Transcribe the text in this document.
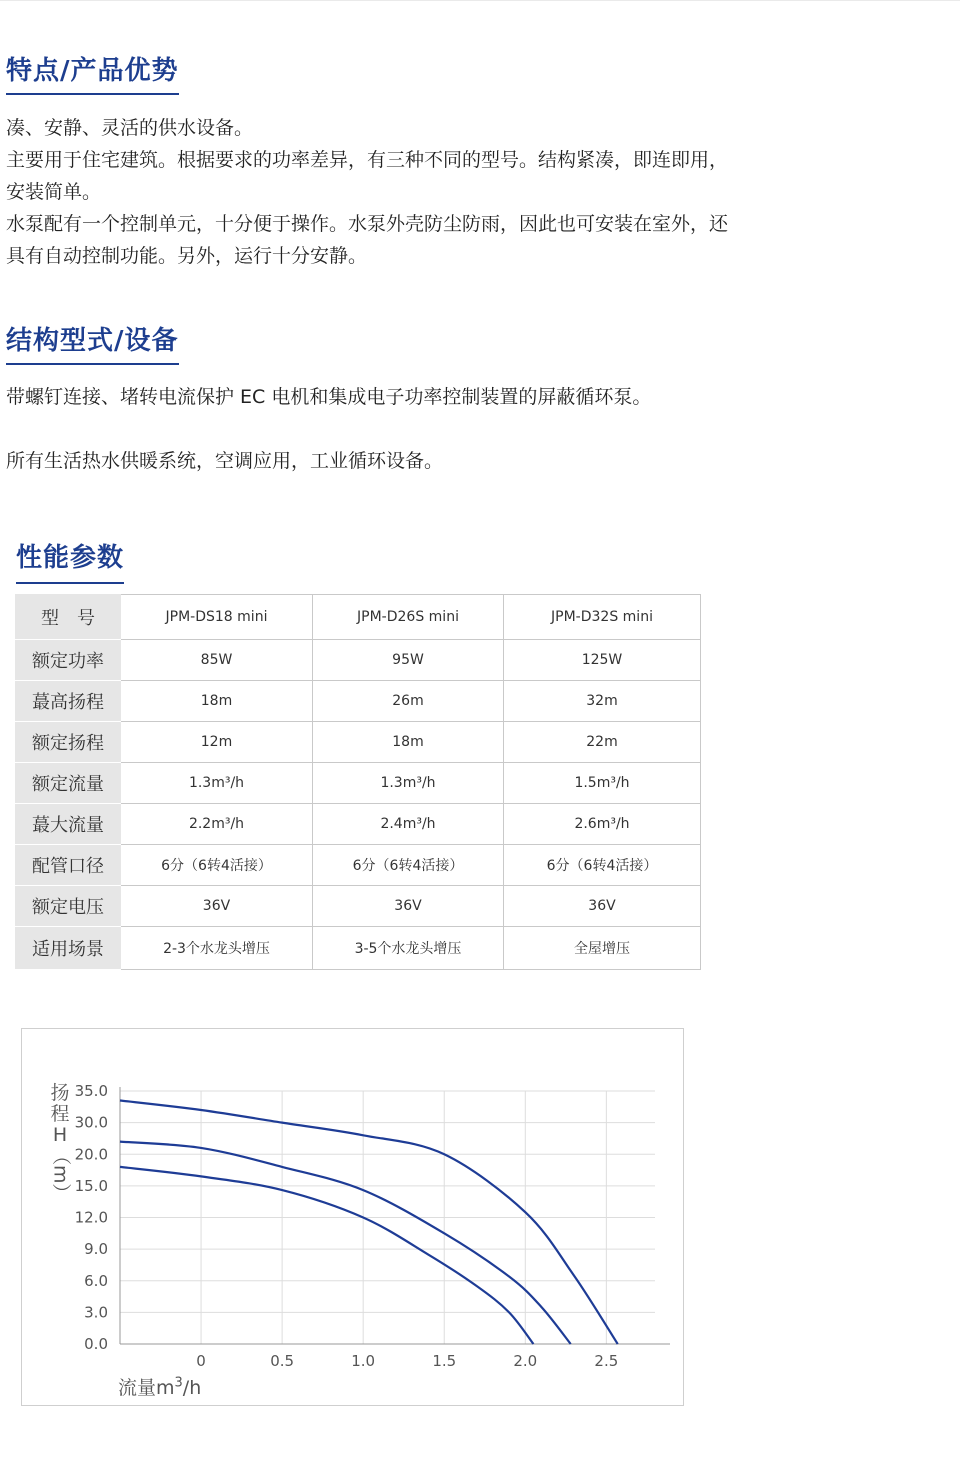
特点/产品优势

凑、安静、灵活的供水设备。

主要用于住宅建筑。根据要求的功率差异，有三种不同的型号。结构紧凑，即连即用，安装简单。

水泵配有一个控制单元，十分便于操作。水泵外壳防尘防雨，因此也可安装在室外，还具有自动控制功能。另外，运行十分安静。

结构型式/设备
带螺钉连接、堵转电流保护 EC 电机和集成电子功率控制装置的屏蔽循环泵。
所有生活热水供暖系统，空调应用，工业循环设备。
性能参数
型　号	JPM-DS18 mini	JPM-D26S mini	JPM-D32S mini
额定功率	85W	95W	125W
蕞高扬程	18m	26m	32m
额定扬程	12m	18m	22m
额定流量	1.3m³/h	1.3m³/h	1.5m³/h
蕞大流量	2.2m³/h	2.4m³/h	2.6m³/h
配管口径	6分（6转4活接）	6分（6转4活接）	6分（6转4活接）
额定电压	36V	36V	36V
适用场景	2-3个水龙头增压	3-5个水龙头增压	全屋增压
0.0
3.0
6.0
9.0
12.0
15.0
20.0
30.0
35.0
0	0.5	1.0	1.5	2.0	2.5
扬
程
H
（m）
流量$m^3/h$
